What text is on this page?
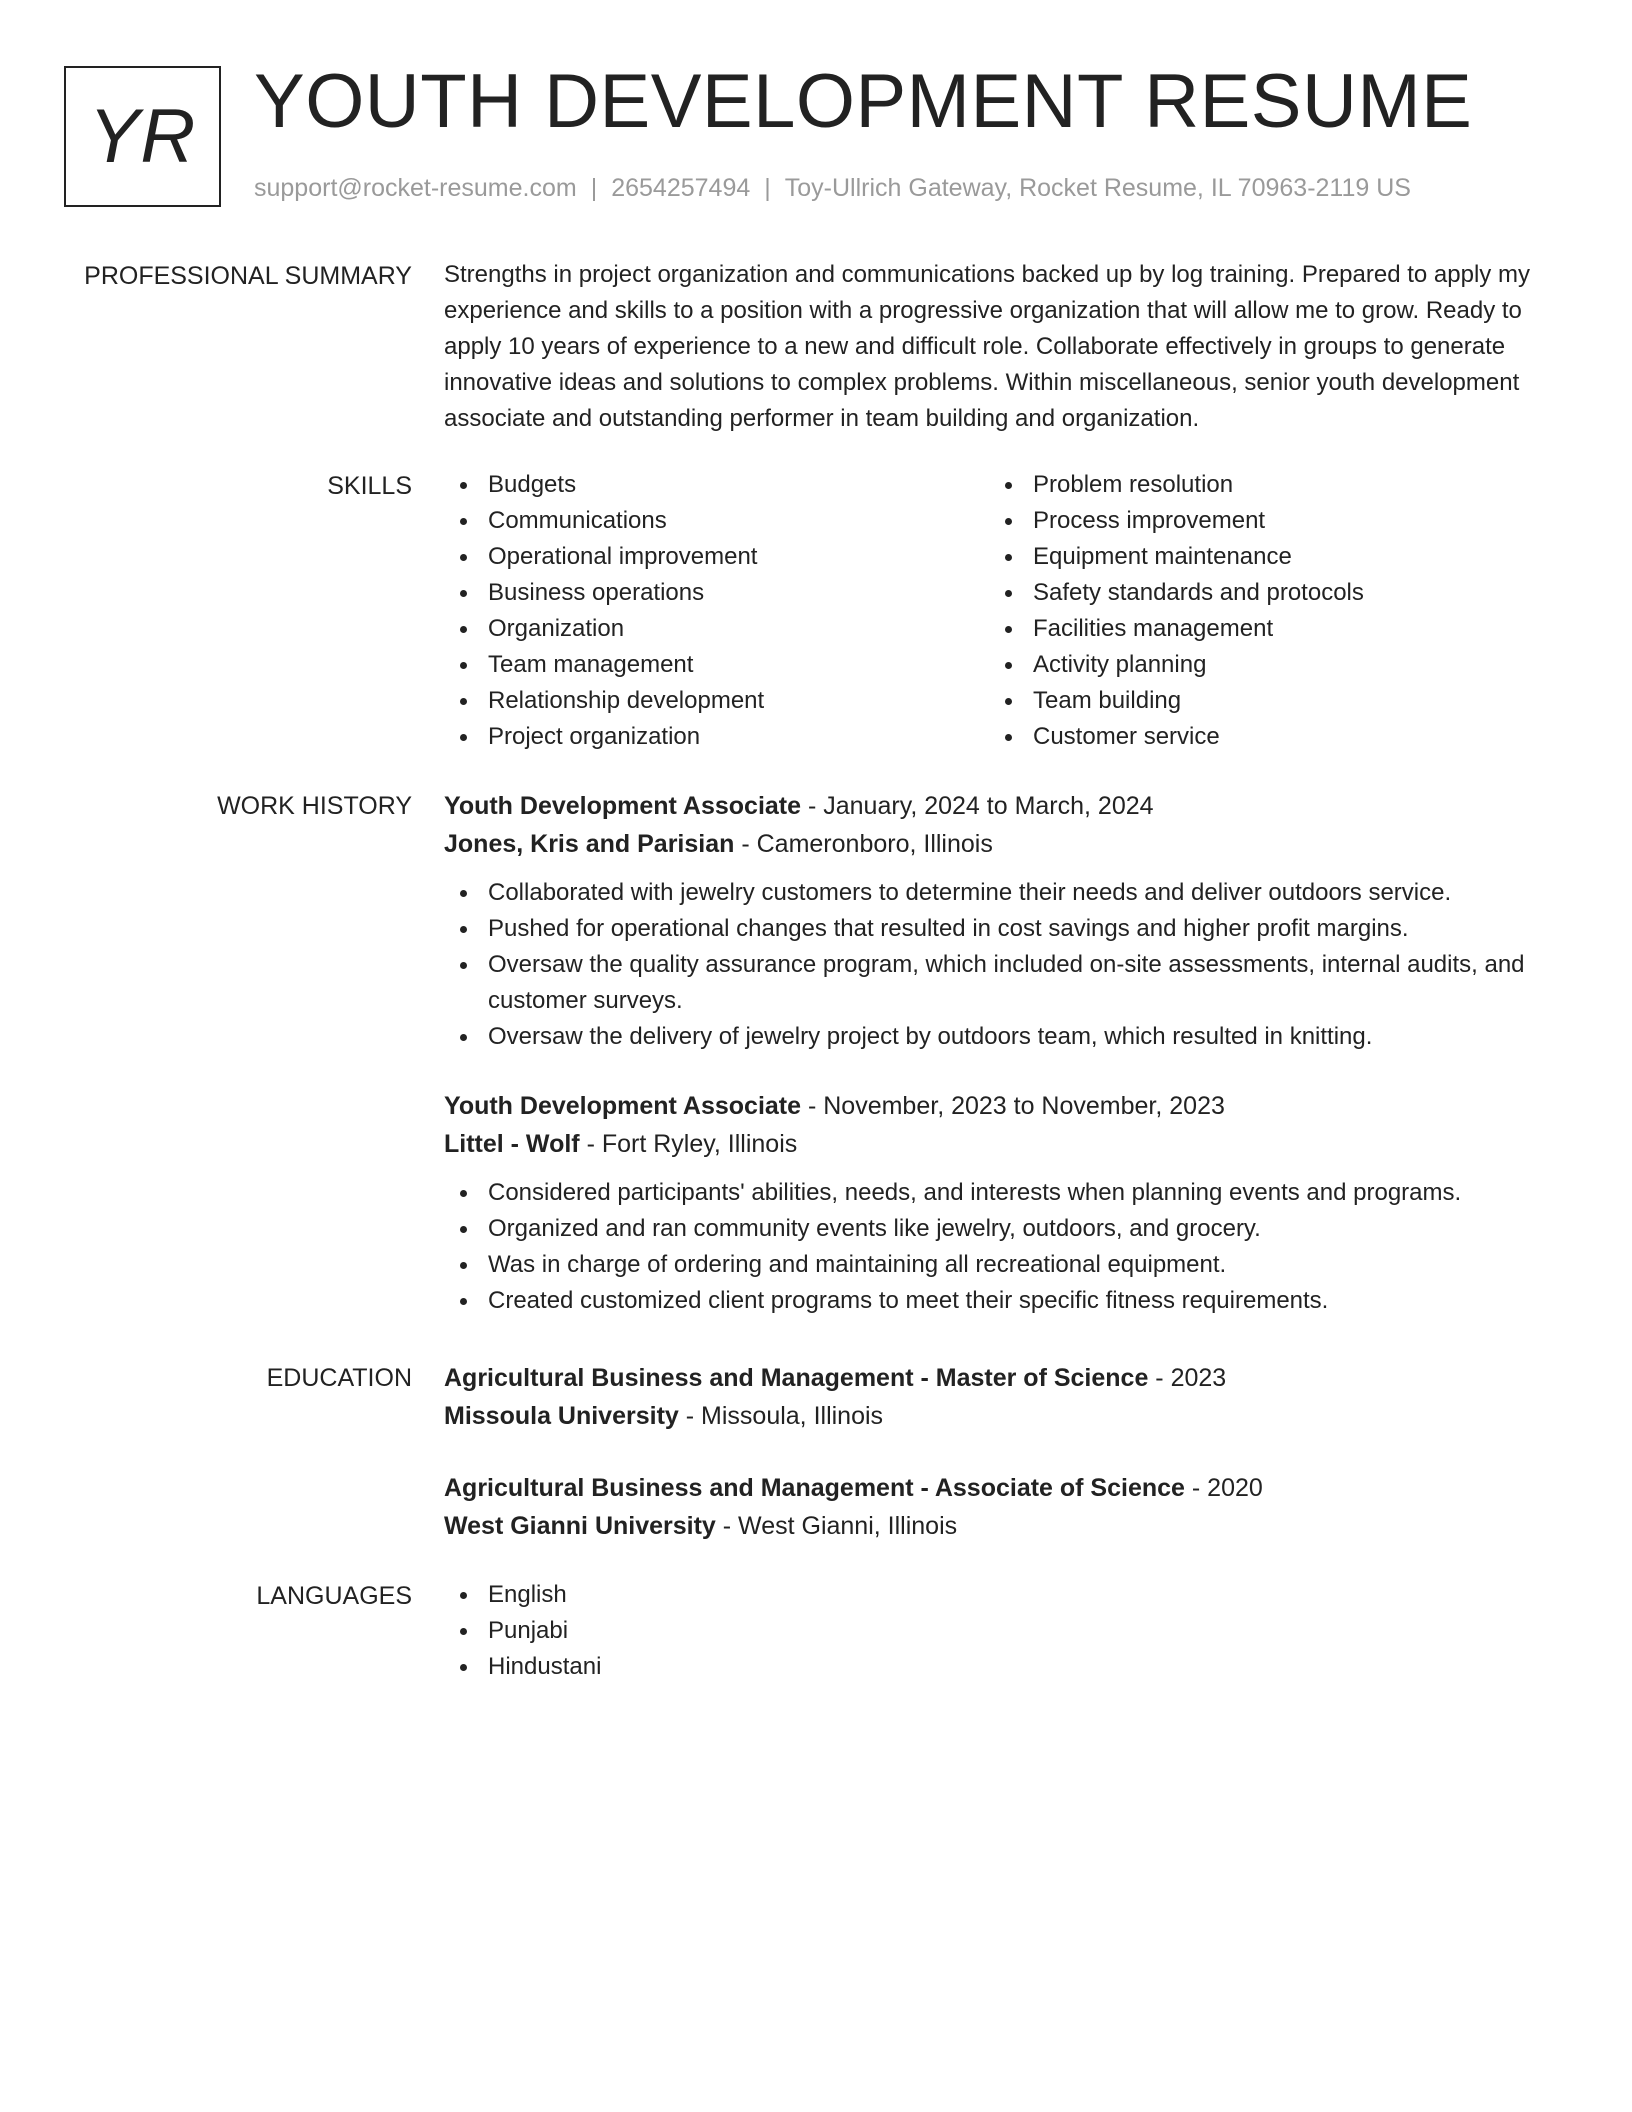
YR YOUTH DEVELOPMENT RESUME
support@rocket-resume.com | 2654257494 | Toy-Ullrich Gateway, Rocket Resume, IL 70963-2119 US
PROFESSIONAL SUMMARY Strengths in project organization and communications backed up by log training. Prepared to apply my experience and skills to a position with a progressive organization that will allow me to grow. Ready to apply 10 years of experience to a new and difficult role. Collaborate effectively in groups to generate innovative ideas and solutions to complex problems. Within miscellaneous, senior youth development associate and outstanding performer in team building and organization.

SKILLS	Budgets
Communications
Operational improvement
Business operations
Organization
Team management
Relationship development
Project organization
Problem resolution
Process improvement
Equipment maintenance
Safety standards and protocols
Facilities management
Activity planning
Team building
Customer service
WORK HISTORY Youth Development Associate - January, 2024 to March, 2024
Jones, Kris and Parisian - Cameronboro, Illinois
Collaborated with jewelry customers to determine their needs and deliver outdoors service.
Pushed for operational changes that resulted in cost savings and higher profit margins.
Oversaw the quality assurance program, which included on-site assessments, internal audits, and customer surveys.
Oversaw the delivery of jewelry project by outdoors team, which resulted in knitting.
Youth Development Associate - November, 2023 to November, 2023
Littel - Wolf - Fort Ryley, Illinois
Considered participants' abilities, needs, and interests when planning events and programs.
Organized and ran community events like jewelry, outdoors, and grocery.
Was in charge of ordering and maintaining all recreational equipment.
Created customized client programs to meet their specific fitness requirements.
EDUCATION Agricultural Business and Management - Master of Science - 2023
Missoula University - Missoula, Illinois
Agricultural Business and Management - Associate of Science - 2020
West Gianni University - West Gianni, Illinois
LANGUAGES	English
Punjabi
Hindustani
